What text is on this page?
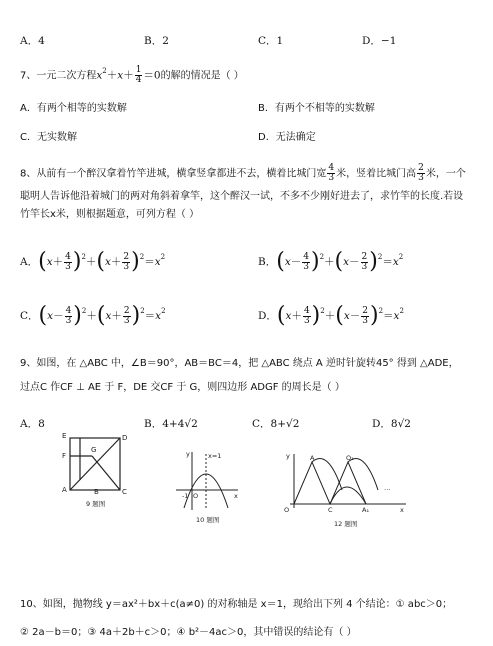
A．4	B．2	C．1	D．−1
7、一元二次方程$x^2+x+ \frac{1}{4} =0$的解的情况是（ ）
A．有两个相等的实数解	B．有两个不相等的实数解
C．无实数解	D．无法确定
8、从前有一个醉汉拿着竹竿进城，横拿竖拿都进不去，横着比城门宽 $\frac{4}{3}$ 米，竖着比城门高 $\frac{2}{3}$ 米，一个
聪明人告诉他沿着城门的两对角斜着拿竿，这个醉汉一试，不多不少刚好进去了，求竹竿的长度.若设
竹竿长x米，则根据题意，可列方程（ ）
A．$(x+ \frac{4}{3} )^2+(x+ \frac{2}{3} )^2=x^2$	B．$(x- \frac{4}{3} )^2+(x- \frac{2}{3} )^2=x^2$
C．$(x- \frac{4}{3} )^2+(x+ \frac{2}{3} )^2=x^2$	D．$(x+ \frac{4}{3} )^2+(x- \frac{2}{3} )^2=x^2$
9、如图，在 △ABC 中，∠B＝90°，AB＝BC＝4，把 △ABC 绕点 A 逆时针旋转45° 得到 △ADE，
过点C 作CF ⊥ AE 于 F，DE 交CF 于 G，则四边形 ADGF 的周长是（ ）
A．8	B．4+4√2	C．8+√2	D．8√2
E
F
G
D
A	C
B
9 题图
y	x=1
-1 O	x
10 题图
y	A	O₁
O	C	A₁
…
x
12 题图
10、如图，抛物线 y＝ax²＋bx＋c(a≠0) 的对称轴是 x＝1，现给出下列 4 个结论：① abc＞0；
② 2a－b＝0；③ 4a＋2b＋c＞0；④ b²－4ac＞0，其中错误的结论有（ ）
